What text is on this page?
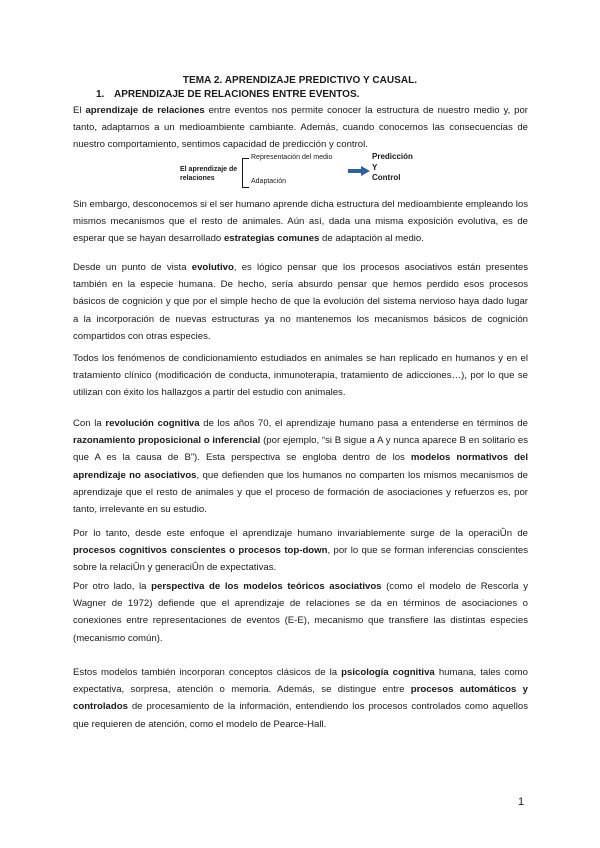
TEMA 2. APRENDIZAJE PREDICTIVO Y CAUSAL.
1. APRENDIZAJE DE RELACIONES ENTRE EVENTOS.

El aprendizaje de relaciones entre eventos nos permite conocer la estructura de nuestro medio y, por tanto, adaptarnos a un medioambiente cambiante. Además, cuando conocemos las consecuencias de nuestro comportamiento, sentimos capacidad de predicción y control.

El aprendizaje de
relaciones
Representación del medio
Adaptación
Predicción
Y
Control

Sin embargo, desconocemos si el ser humano aprende dicha estructura del medioambiente empleando los mismos mecanismos que el resto de animales. Aún así, dada una misma exposición evolutiva, es de esperar que se hayan desarrollado estrategias comunes de adaptación al medio.

Desde un punto de vista evolutivo, es lógico pensar que los procesos asociativos están presentes también en la especie humana. De hecho, sería absurdo pensar que hemos perdido esos procesos básicos de cognición y que por el simple hecho de que la evolución del sistema nervioso haya dado lugar a la incorporación de nuevas estructuras ya no mantenemos los mecanismos básicos de cognición compartidos con otras especies.

Todos los fenómenos de condicionamiento estudiados en animales se han replicado en humanos y en el tratamiento clínico (modificación de conducta, inmunoterapia, tratamiento de adicciones…), por lo que se utilizan con éxito los hallazgos a partir del estudio con animales.

Con la revolución cognitiva de los años 70, el aprendizaje humano pasa a entenderse en términos de razonamiento proposicional o inferencial (por ejemplo, “si B sigue a A y nunca aparece B en solitario es que A es la causa de B”). Esta perspectiva se engloba dentro de los modelos normativos del aprendizaje no asociativos, que defienden que los humanos no comparten los mismos mecanismos de aprendizaje que el resto de animales y que el proceso de formación de asociaciones y refuerzos es, por tanto, irrelevante en su estudio.

Por lo tanto, desde este enfoque el aprendizaje humano invariablemente surge de la operaciÛn de procesos cognitivos conscientes o procesos top-down, por lo que se forman inferencias conscientes sobre la relaciÛn y generaciÛn de expectativas.

Por otro lado, la perspectiva de los modelos teóricos asociativos (como el modelo de Rescorla y Wagner de 1972) defiende que el aprendizaje de relaciones se da en términos de asociaciones o conexiones entre representaciones de eventos (E-E), mecanismo que transfiere las distintas especies (mecanismo común).

Estos modelos también incorporan conceptos clásicos de la psicología cognitiva humana, tales como expectativa, sorpresa, atención o memoria. Además, se distingue entre procesos automáticos y controlados de procesamiento de la información, entendiendo los procesos controlados como aquellos que requieren de atención, como el modelo de Pearce-Hall.

1
